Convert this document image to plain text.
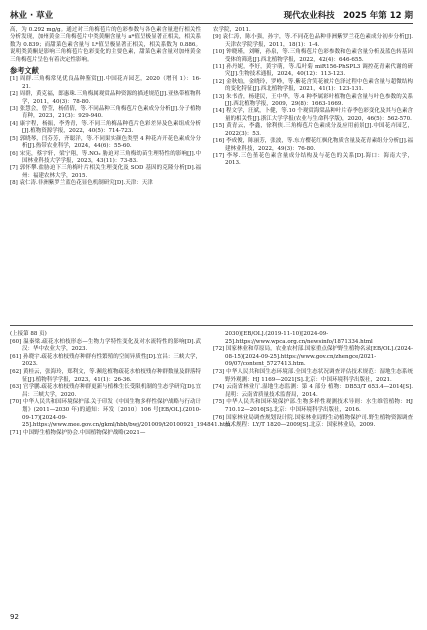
林业 · 草业	现代农业科技　2025 年第 12 期

高，为 0.292 mg/g。通过对三角梅苞片的色彩参数与各色素含量进行相关性分析发现，加州黄金三角梅苞片中类黄酮含量与 a*值呈极显著正相关，相关系数为 0.839；而甜菜色素含量与 L*值呈极显著正相关，相关系数为 0.886。说明类黄酮是影响三角梅苞片色彩变化的主要色素，甜菜色素含量对加州黄金三角梅苞片呈色有着决定性影响。

参考文献

[1] 周群.三角梅常见优良品种鉴赏[J].中国花卉园艺，2020（增刊 1）：16-21.

[2] 周群，黄克福，郎惠珠.三角梅属观赏品种资源的描述规范[J].亚热带植物科学，2011，40(3)：78-80.

[3] 张慧会，曾莹，杨倩倩，等.不同品种三角梅苞片色素成分分析[J].分子植物育种，2023，21(3)：929-940.

[4] 康宇程，杨振，李秀青，等.不同三角梅品种苞片色彩差异及色素组成分析[J].植物资源学报，2022，40(5)：714-723.

[5] 郭晓琴，闫芬芳，齐聪洋，等.不同果实颜色类型 4 种花卉开花色素成分分析[J].热带农业科学，2024，44(6)：55-60.

[6] 宋宪，蔡宇轩，梁宁翔，等.NO₂ 胁迫对三角梅幼苗生理特性的影响[J].中国林业科技大学学报，2023，43(11)：73-83.

[7] 郭怀攀.盐胁迫下三角梅叶片相关生理变化及 SOD 基因的克隆分析[D].福州：福建农林大学，2015.

[8] 袁仁涛.非洲紫罗兰蓝色花显色机制研究[D].天津：天津

农学院，2011.

[9] 袁仁涛，陈小强，孙宇，等.不同花色品种非洲紫罗兰花色素成分初步分析[J].天津农学院学报，2011，18(1)：1-4.

[10] 钟晓瑾，刘晰，孙泉，等.三角梅苞片色彩参数和色素含量分析及蓝色转基因受体的筛选[J].西北植物学报，2022，42(4)：646-655.

[11] 孙丹妮，李好，黄宇萌，等.瓜叶菊 miR156-PhSPL3 调控花青素代谢的研究[J].生物技术通报，2024，40(12)：113-123.

[12] 金秋灿，金晓玲，罗峥，等.紫花含笑花被片色泽过程中色素含量与超微结构的变化特征[J].西北植物学报，2021，41(1)：123-131.

[13] 朱书香，杨建民，王中华，等.4 种李属彩叶植物色素含量与叶色参数的关系[J].西北植物学报，2009，29(8)：1663-1669.

[14] 程文学，汪斌，卜健，等.10 个观赏海棠品种叶片春季色彩变化及其与色素含量的相关性[J].浙江大学学报(农业与生命科学版)，2020，46(5)：562-570.

[15] 黄青云，李鑫，徐利侠.三角梅苞片色素成分及应用前景[J].中国花卉园艺，2022(3)：53.

[16] 李成俊，陈丽芳，张波，等.东方樱花红枫化物质含量及花青素组分分析[J].福建林业科技，2022，49(3)：76-80.

[17] 李琴.三色堇花色素含量成分结构及与花色的关系[D].海口：海南大学，2013.

(上接第 88 页)

[60] 温秦梁.疏花水柏枝形态—生物力学特性变化及对水流特性的影响[D].武汉：华中农业大学，2023.

[61] 孙晓宇.疏花水柏枝残存种群有性繁殖的空间异质性[D].宜昌：三峡大学，2023.

[62] 黄桂云，张海玲，郑利文，等.濒危植物疏花水柏枝残存种群数量及群落特征[J].植物科学学报，2023，41(1)：26-36.

[63] 官学鹏.疏花水柏枝残存种群更新与植株生长受限机制的生态学研究[D].宜昌：三峡大学，2020.

[70] 中华人民共和国环境保护部.关于印发《中国生物多样性保护战略与行动计划》(2011—2030 年)的通知：环发〔2010〕106 号[EB/OL].(2010-09-17)[2024-09-25].https://www.mee.gov.cn/gkml/hbb/bwj/201009/t20100921_194841.htm.

[71] 中国野生植物保护协会.中国植物保护战略(2021—

2030)[EB/OL].(2019-11-10)[2024-09-25].https://www.wpca.org.cn/newsinfo/1871334.html

[72] 国家林业和草原局，农业农村部.国家重点保护野生植物名录[EB/OL].(2024-08-15)[2024-09-25].https://www.gov.cn/zhengce/2021-09/07/content_5727413.htm.

[73] 中华人民共和国生态环境部.全国生态状况调查评估技术规范：湿地生态系统野外观测：HJ 1169—2021[S].北京：中国环境科学出版社，2021.

[74] 云南省林业厅.湿地生态监测：第 4 部分 植物：DB53/T 653.4—2014[S].昆明：云南省质量技术监督局，2014.

[75] 中华人民共和国环境保护部.生物多样性观测技术导则：水生维管植物：HJ 710.12—2016[S].北京：中国环境科学出版社，2016.

[76] 国家林业局调查规划设计院.国家林业局野生动植物保护司.野生植物资源调查技术规程：LY/T 1820—2009[S].北京：国家林业局，2009.

92
